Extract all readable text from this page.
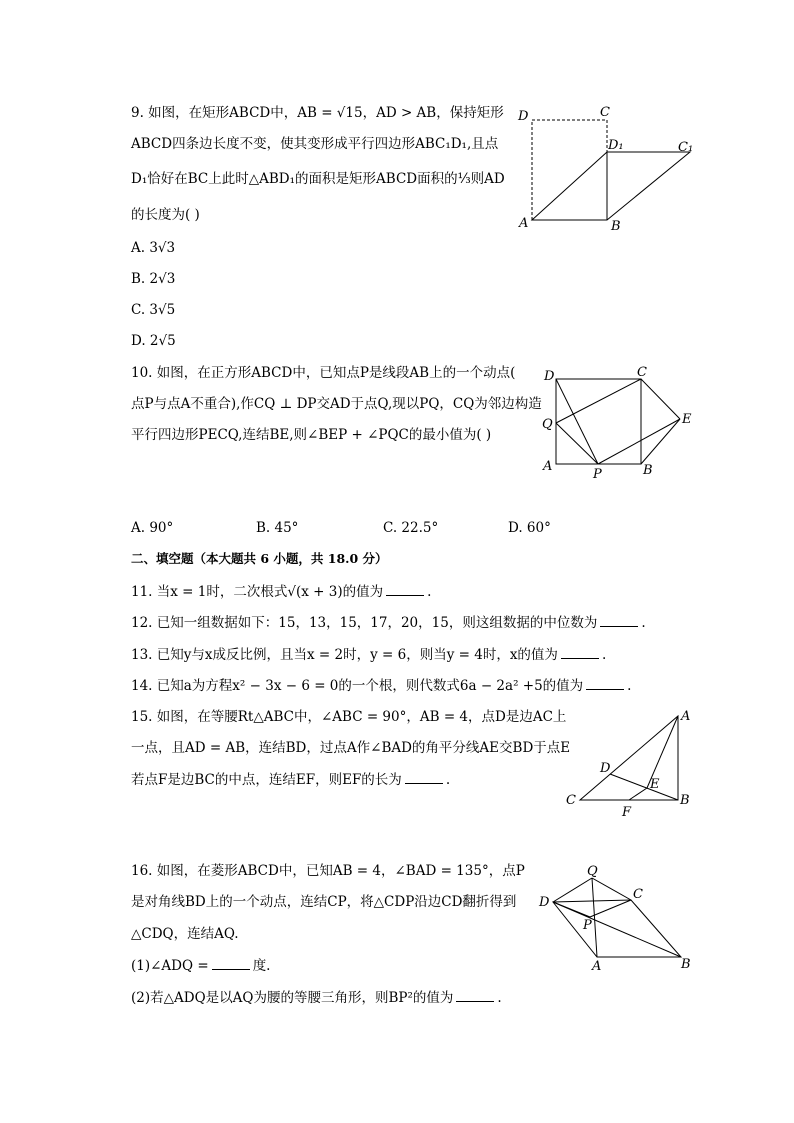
9. 如图，在矩形ABCD中，AB = √15，AD > AB，保持矩形
ABCD四条边长度不变，使其变形成平行四边形ABC₁D₁,且点
D₁恰好在BC上此时△ABD₁的面积是矩形ABCD面积的⅓则AD
的长度为( )
A. 3√3
B. 2√3
C. 3√5
D. 2√5
D	C
D₁	C₁
A	B
10. 如图，在正方形ABCD中，已知点P是线段AB上的一个动点(
点P与点A不重合),作CQ ⊥ DP交AD于点Q,现以PQ，CQ为邻边构造
平行四边形PECQ,连结BE,则∠BEP + ∠PQC的最小值为( )
D	C
Q	E
A
P	B
A. 90°	B. 45°	C. 22.5°	D. 60°
二、填空题（本大题共 6 小题，共 18.0 分）
11. 当x = 1时，二次根式√(x + 3)的值为	.
12. 已知一组数据如下：15，13，15，17，20，15，则这组数据的中位数为	.
13. 已知y与x成反比例，且当x = 2时，y = 6，则当y = 4时，x的值为	.
14. 已知a为方程x² − 3x − 6 = 0的一个根，则代数式6a − 2a² +5的值为	.
15. 如图，在等腰Rt△ABC中，∠ABC = 90°，AB = 4，点D是边AC上
一点，且AD = AB，连结BD，过点A作∠BAD的角平分线AE交BD于点E
若点F是边BC的中点，连结EF，则EF的长为	.
A
D
E
C
F
B
16. 如图，在菱形ABCD中，已知AB = 4，∠BAD = 135°，点P
是对角线BD上的一个动点，连结CP，将△CDP沿边CD翻折得到
△CDQ，连结AQ.
(1)∠ADQ =	度.
(2)若△ADQ是以AQ为腰的等腰三角形，则BP²的值为	.
Q
C
D
P
A	B
